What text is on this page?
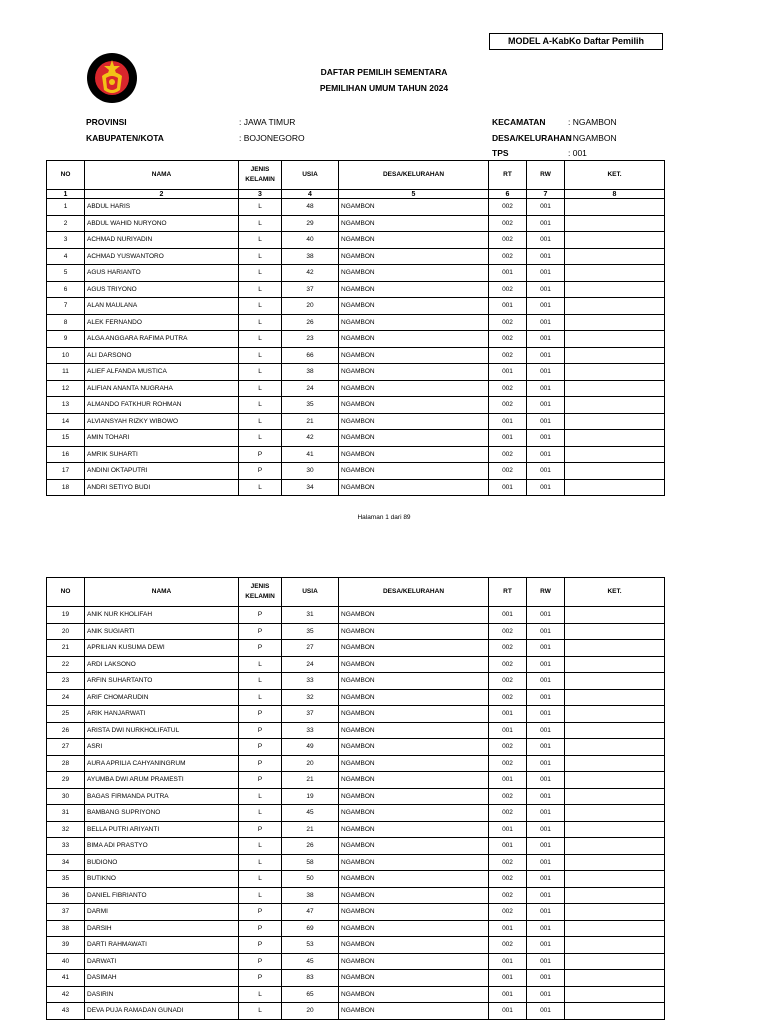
MODEL A-KabKo Daftar Pemilih
DAFTAR PEMILIH SEMENTARA
PEMILIHAN UMUM TAHUN 2024
PROVINSI	: JAWA TIMUR
KABUPATEN/KOTA	: BOJONEGORO
KECAMATAN	: NGAMBON
DESA/KELURAHAN
: NGAMBON
TPS	: 001
NO	NAMA	JENIS KELAMIN	USIA	DESA/KELURAHAN	RT	RW	KET.
1	2	3	4	5	6	7	8
1	ABDUL HARIS	L	48	NGAMBON	002	001	
2	ABDUL WAHID NURYONO	L	29	NGAMBON	002	001	
3	ACHMAD NURIYADIN	L	40	NGAMBON	002	001	
4	ACHMAD YUSWANTORO	L	38	NGAMBON	002	001	
5	AGUS HARIANTO	L	42	NGAMBON	001	001	
6	AGUS TRIYONO	L	37	NGAMBON	002	001	
7	ALAN MAULANA	L	20	NGAMBON	001	001	
8	ALEK FERNANDO	L	26	NGAMBON	002	001	
9	ALGA ANGGARA RAFIMA PUTRA	L	23	NGAMBON	002	001	
10	ALI DARSONO	L	66	NGAMBON	002	001	
11	ALIEF ALFANDA MUSTICA	L	38	NGAMBON	001	001	
12	ALIFIAN ANANTA NUGRAHA	L	24	NGAMBON	002	001	
13	ALMANDO FATKHUR ROHMAN	L	35	NGAMBON	002	001	
14	ALVIANSYAH RIZKY WIBOWO	L	21	NGAMBON	001	001	
15	AMIN TOHARI	L	42	NGAMBON	001	001	
16	AMRIK SUHARTI	P	41	NGAMBON	002	001	
17	ANDINI OKTAPUTRI	P	30	NGAMBON	002	001	
18	ANDRI SETIYO BUDI	L	34	NGAMBON	001	001	
Halaman 1 dari 89
NO	NAMA	JENIS KELAMIN	USIA	DESA/KELURAHAN	RT	RW	KET.
19	ANIK NUR KHOLIFAH	P	31	NGAMBON	001	001	
20	ANIK SUGIARTI	P	35	NGAMBON	002	001	
21	APRILIAN KUSUMA DEWI	P	27	NGAMBON	002	001	
22	ARDI LAKSONO	L	24	NGAMBON	002	001	
23	ARFIN SUHARTANTO	L	33	NGAMBON	002	001	
24	ARIF CHOMARUDIN	L	32	NGAMBON	002	001	
25	ARIK HANJARWATI	P	37	NGAMBON	001	001	
26	ARISTA DWI NURKHOLIFATUL	P	33	NGAMBON	001	001	
27	ASRI	P	49	NGAMBON	002	001	
28	AURA APRILIA CAHYANINGRUM	P	20	NGAMBON	002	001	
29	AYUMBA DWI ARUM PRAMESTI	P	21	NGAMBON	001	001	
30	BAGAS FIRMANDA PUTRA	L	19	NGAMBON	002	001	
31	BAMBANG SUPRIYONO	L	45	NGAMBON	002	001	
32	BELLA PUTRI ARIYANTI	P	21	NGAMBON	001	001	
33	BIMA ADI PRASTYO	L	26	NGAMBON	001	001	
34	BUDIONO	L	58	NGAMBON	002	001	
35	BUTIKNO	L	50	NGAMBON	002	001	
36	DANIEL FIBRIANTO	L	38	NGAMBON	002	001	
37	DARMI	P	47	NGAMBON	002	001	
38	DARSIH	P	69	NGAMBON	001	001	
39	DARTI RAHMAWATI	P	53	NGAMBON	002	001	
40	DARWATI	P	45	NGAMBON	001	001	
41	DASIMAH	P	83	NGAMBON	001	001	
42	DASIRIN	L	65	NGAMBON	001	001	
43	DEVA PUJA RAMADAN GUNADI	L	20	NGAMBON	001	001	
